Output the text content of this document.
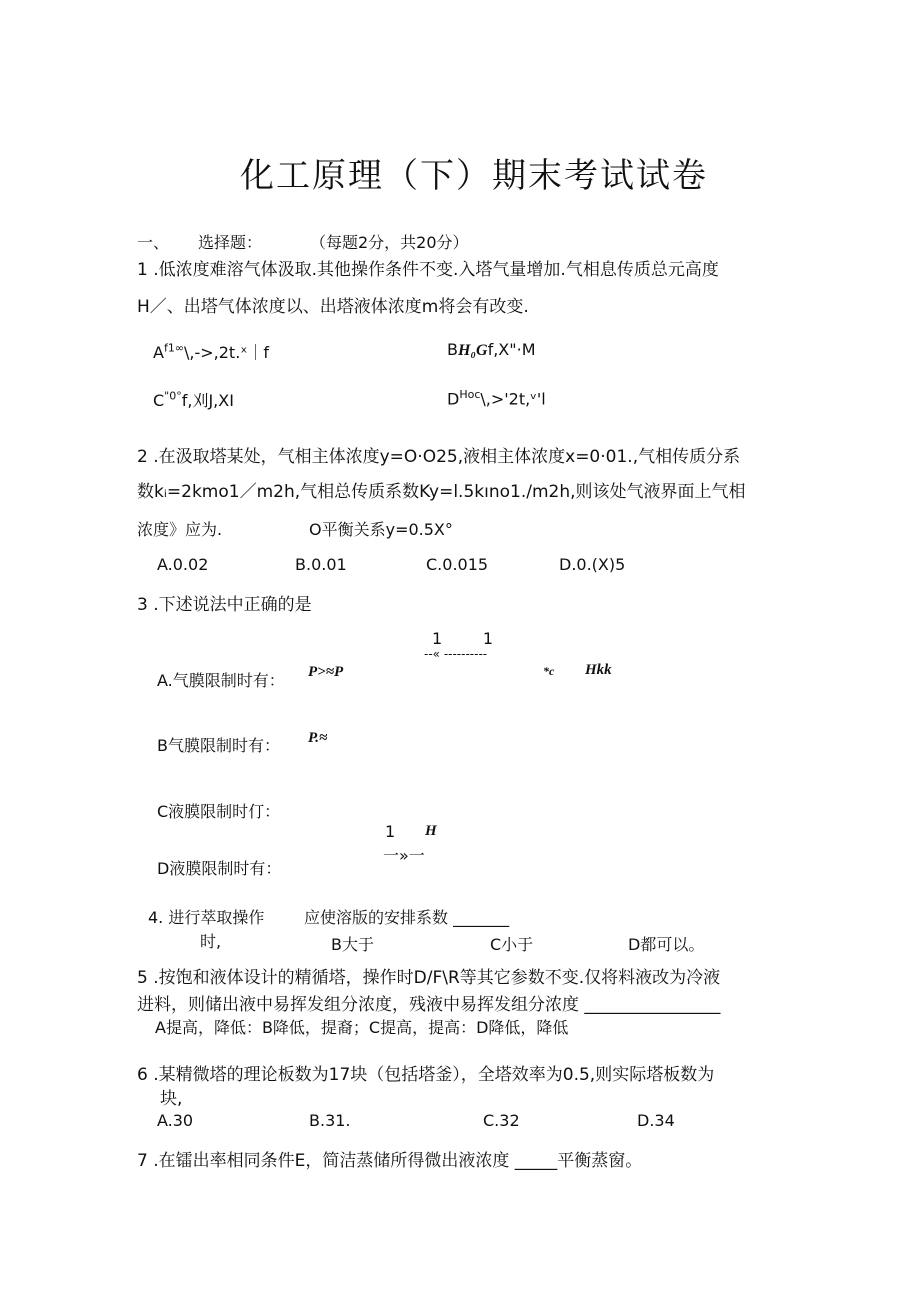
化工原理（下）期末考试试卷
一、 选择题：	（每题2分，共20分）
1 .低浓度难溶气体汲取.其他操作条件不变.入塔气量增加.气相息传质总元高度
H／、出塔气体浓度以、出塔液体浓度m将会有改变.
$A^{f1\infty}\backslash,->,2t.ˣ|f$	BH₀Gf,X"·M
$C^{"0^\circ}f$,刈J,XI	$D^{Hoc}\backslash,>'2t,ᵛ'l$
2 .在汲取塔某处，气相主体浓度y=O·O25,液相主体浓度x=0·01.,气相传质分系
数kᵢ=2kmo1／m2h,气相总传质系数Ky=l.5kıno1./m2h,则该处气液界面上气相
浓度》应为.	O平衡关系y=0.5X°
A.0.02	B.0.01	C.0.015	D.0.(X)5
3 .下述说法中正确的是
1        1
--« ----------
A.气膜限制时有： P>≈P	*c Hkk
B气膜限制时有： P.≈
C液膜限制时仃：
1 H
一»一
D液膜限制时有：
4. 进行萃取操作
时,
应使溶版的安排系数 _______
B大于	C小于	D都可以。
5 .按饱和液体设计的精循塔，操作时D/F\R等其它参数不变.仅将料液改为冷液
进料，则储出液中易挥发组分浓度，残液中易挥发组分浓度 ________________
A提高，降低：B降低，提裔；C提高，提高：D降低，降低
6 .某精微塔的理论板数为17块（包括塔釜），全塔效率为0.5,则实际塔板数为
块,
A.30	B.31.	C.32	D.34
7 .在镭出率相同条件E，简洁蒸储所得微出液浓度 _____平衡蒸窗。
